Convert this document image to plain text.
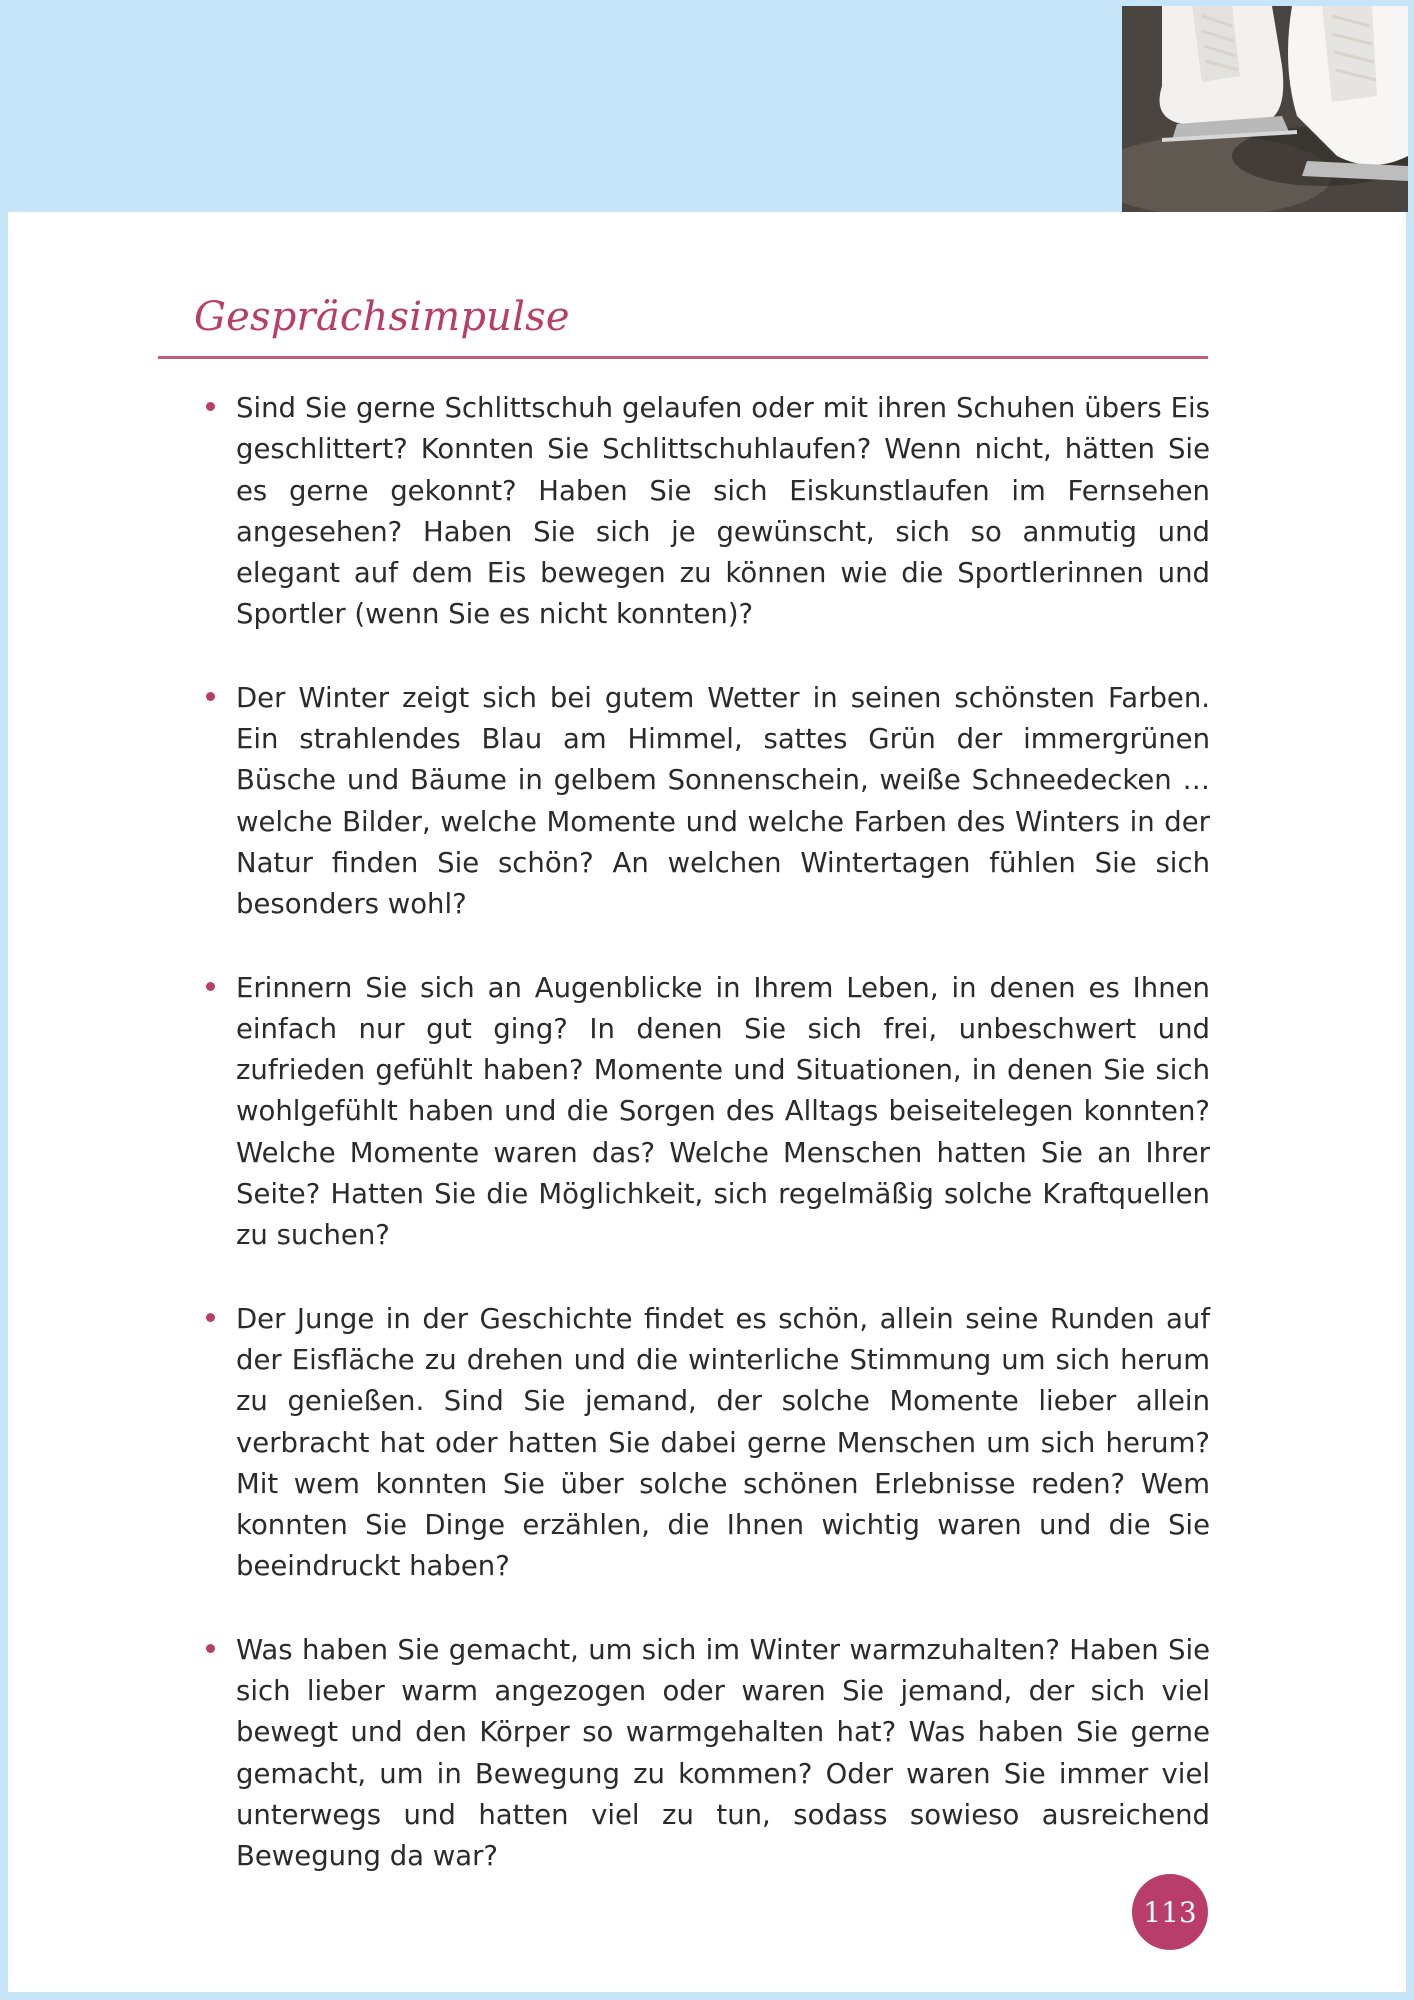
Gesprächsimpulse
Sind Sie gerne Schlittschuh gelaufen oder mit ihren Schuhen übers Eis geschlittert? Konnten Sie Schlittschuhlaufen? Wenn nicht, hätten Sie es gerne gekonnt? Haben Sie sich Eiskunstlaufen im Fernsehen angesehen? Haben Sie sich je gewünscht, sich so anmutig und elegant auf dem Eis bewegen zu können wie die Sportlerinnen und Sportler (wenn Sie es nicht konnten)?
Der Winter zeigt sich bei gutem Wetter in seinen schönsten Farben. Ein strahlendes Blau am Himmel, sattes Grün der immergrünen Büsche und Bäume in gelbem Sonnenschein, weiße Schneedecken … welche Bilder, welche Momente und welche Farben des Winters in der Natur finden Sie schön? An welchen Wintertagen fühlen Sie sich besonders wohl?
Erinnern Sie sich an Augenblicke in Ihrem Leben, in denen es Ihnen einfach nur gut ging? In denen Sie sich frei, unbeschwert und zufrieden gefühlt haben? Momente und Situationen, in denen Sie sich wohlgefühlt haben und die Sorgen des Alltags beiseitelegen konnten? Welche Momente waren das? Welche Menschen hatten Sie an Ihrer Seite? Hatten Sie die Möglichkeit, sich regelmäßig solche Kraftquellen zu suchen?
Der Junge in der Geschichte findet es schön, allein seine Runden auf der Eisfläche zu drehen und die winterliche Stimmung um sich herum zu genießen. Sind Sie jemand, der solche Momente lieber allein verbracht hat oder hatten Sie dabei gerne Menschen um sich herum? Mit wem konnten Sie über solche schönen Erlebnisse reden? Wem konnten Sie Dinge erzählen, die Ihnen wichtig waren und die Sie beeindruckt haben?
Was haben Sie gemacht, um sich im Winter warmzuhalten? Haben Sie sich lieber warm angezogen oder waren Sie jemand, der sich viel bewegt und den Körper so warmgehalten hat? Was haben Sie gerne gemacht, um in Bewegung zu kommen? Oder waren Sie immer viel unterwegs und hatten viel zu tun, sodass sowieso ausreichend Bewegung da war?
113
